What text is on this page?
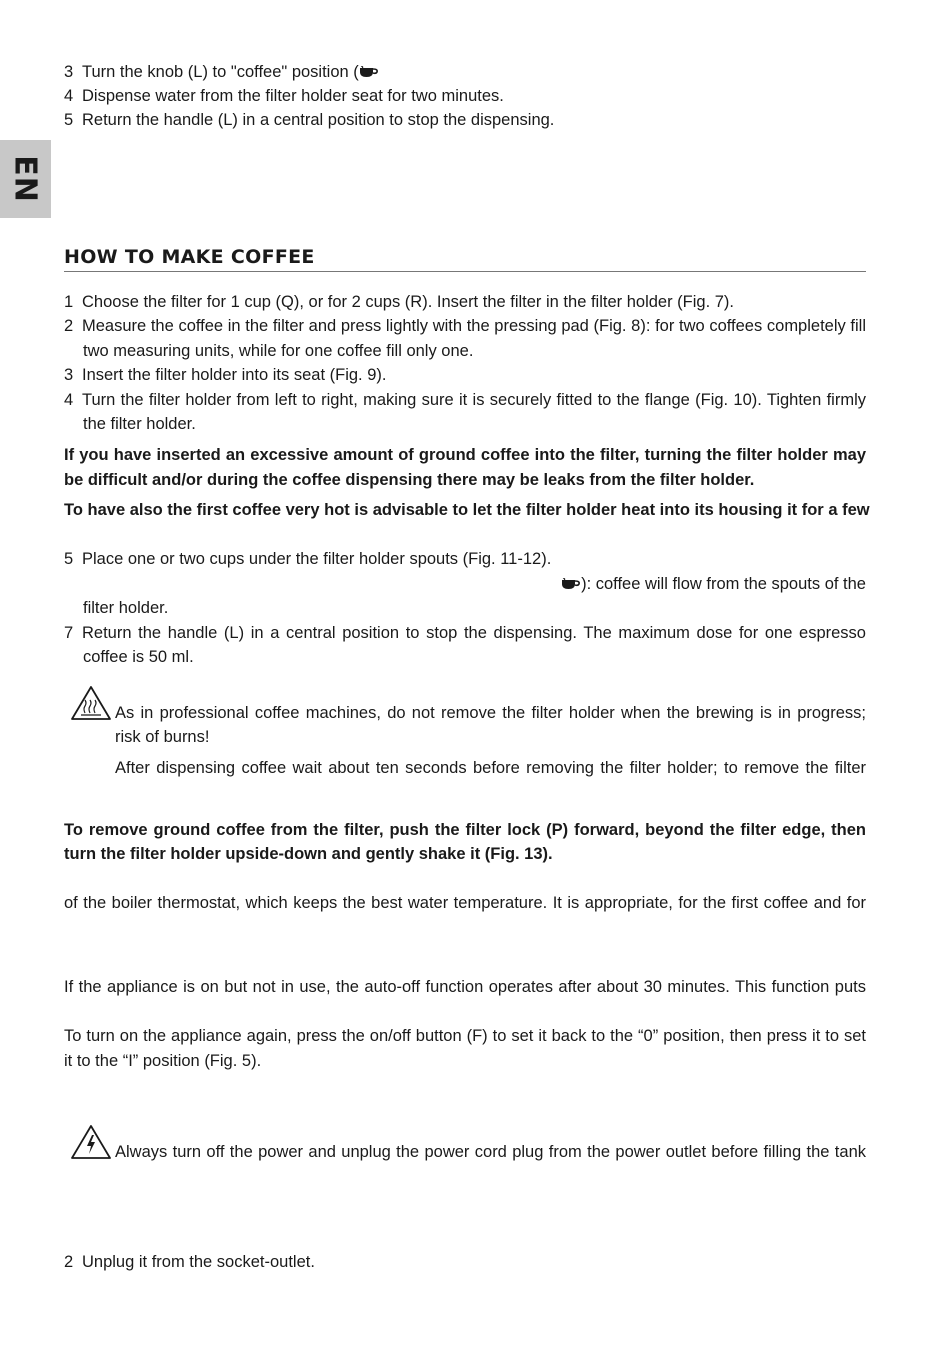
EN
3 Turn the knob (L) to "coffee" position (
4 Dispense water from the filter holder seat for two minutes.
5 Return the handle (L) in a central position to stop the dispensing.
HOW TO MAKE COFFEE
1 Choose the filter for 1 cup (Q), or for 2 cups (R). Insert the filter in the filter holder (Fig. 7).
2 Measure the coffee in the filter and press lightly with the pressing pad (Fig. 8): for two coffees completely fill
two measuring units, while for one coffee fill only one.
3 Insert the filter holder into its seat (Fig. 9).
4 Turn the filter holder from left to right, making sure it is securely fitted to the flange (Fig. 10). Tighten firmly
the filter holder.
If you have inserted an excessive amount of ground coffee into the filter, turning the filter holder may
be difficult and/or during the coffee dispensing there may be leaks from the filter holder.
To have also the first coffee very hot is advisable to let the filter holder heat into its housing it for a few
5 Place one or two cups under the filter holder spouts (Fig. 11-12).
): coffee will flow from the spouts of the
filter holder.
7 Return the handle (L) in a central position to stop the dispensing. The maximum dose for one espresso
coffee is 50 ml.
As in professional coffee machines, do not remove the filter holder when the brewing is in progress;
risk of burns!
After dispensing coffee wait about ten seconds before removing the filter holder; to remove the filter
To remove ground coffee from the filter, push the filter lock (P) forward, beyond the filter edge, then
turn the filter holder upside-down and gently shake it (Fig. 13).
of the boiler thermostat, which keeps the best water temperature. It is appropriate, for the first coffee and for
If the appliance is on but not in use, the auto-off function operates after about 30 minutes. This function puts
To turn on the appliance again, press the on/off button (F) to set it back to the “0” position, then press it to set
it to the “I” position (Fig. 5).
Always turn off the power and unplug the power cord plug from the power outlet before filling the tank
2 Unplug it from the socket-outlet.
